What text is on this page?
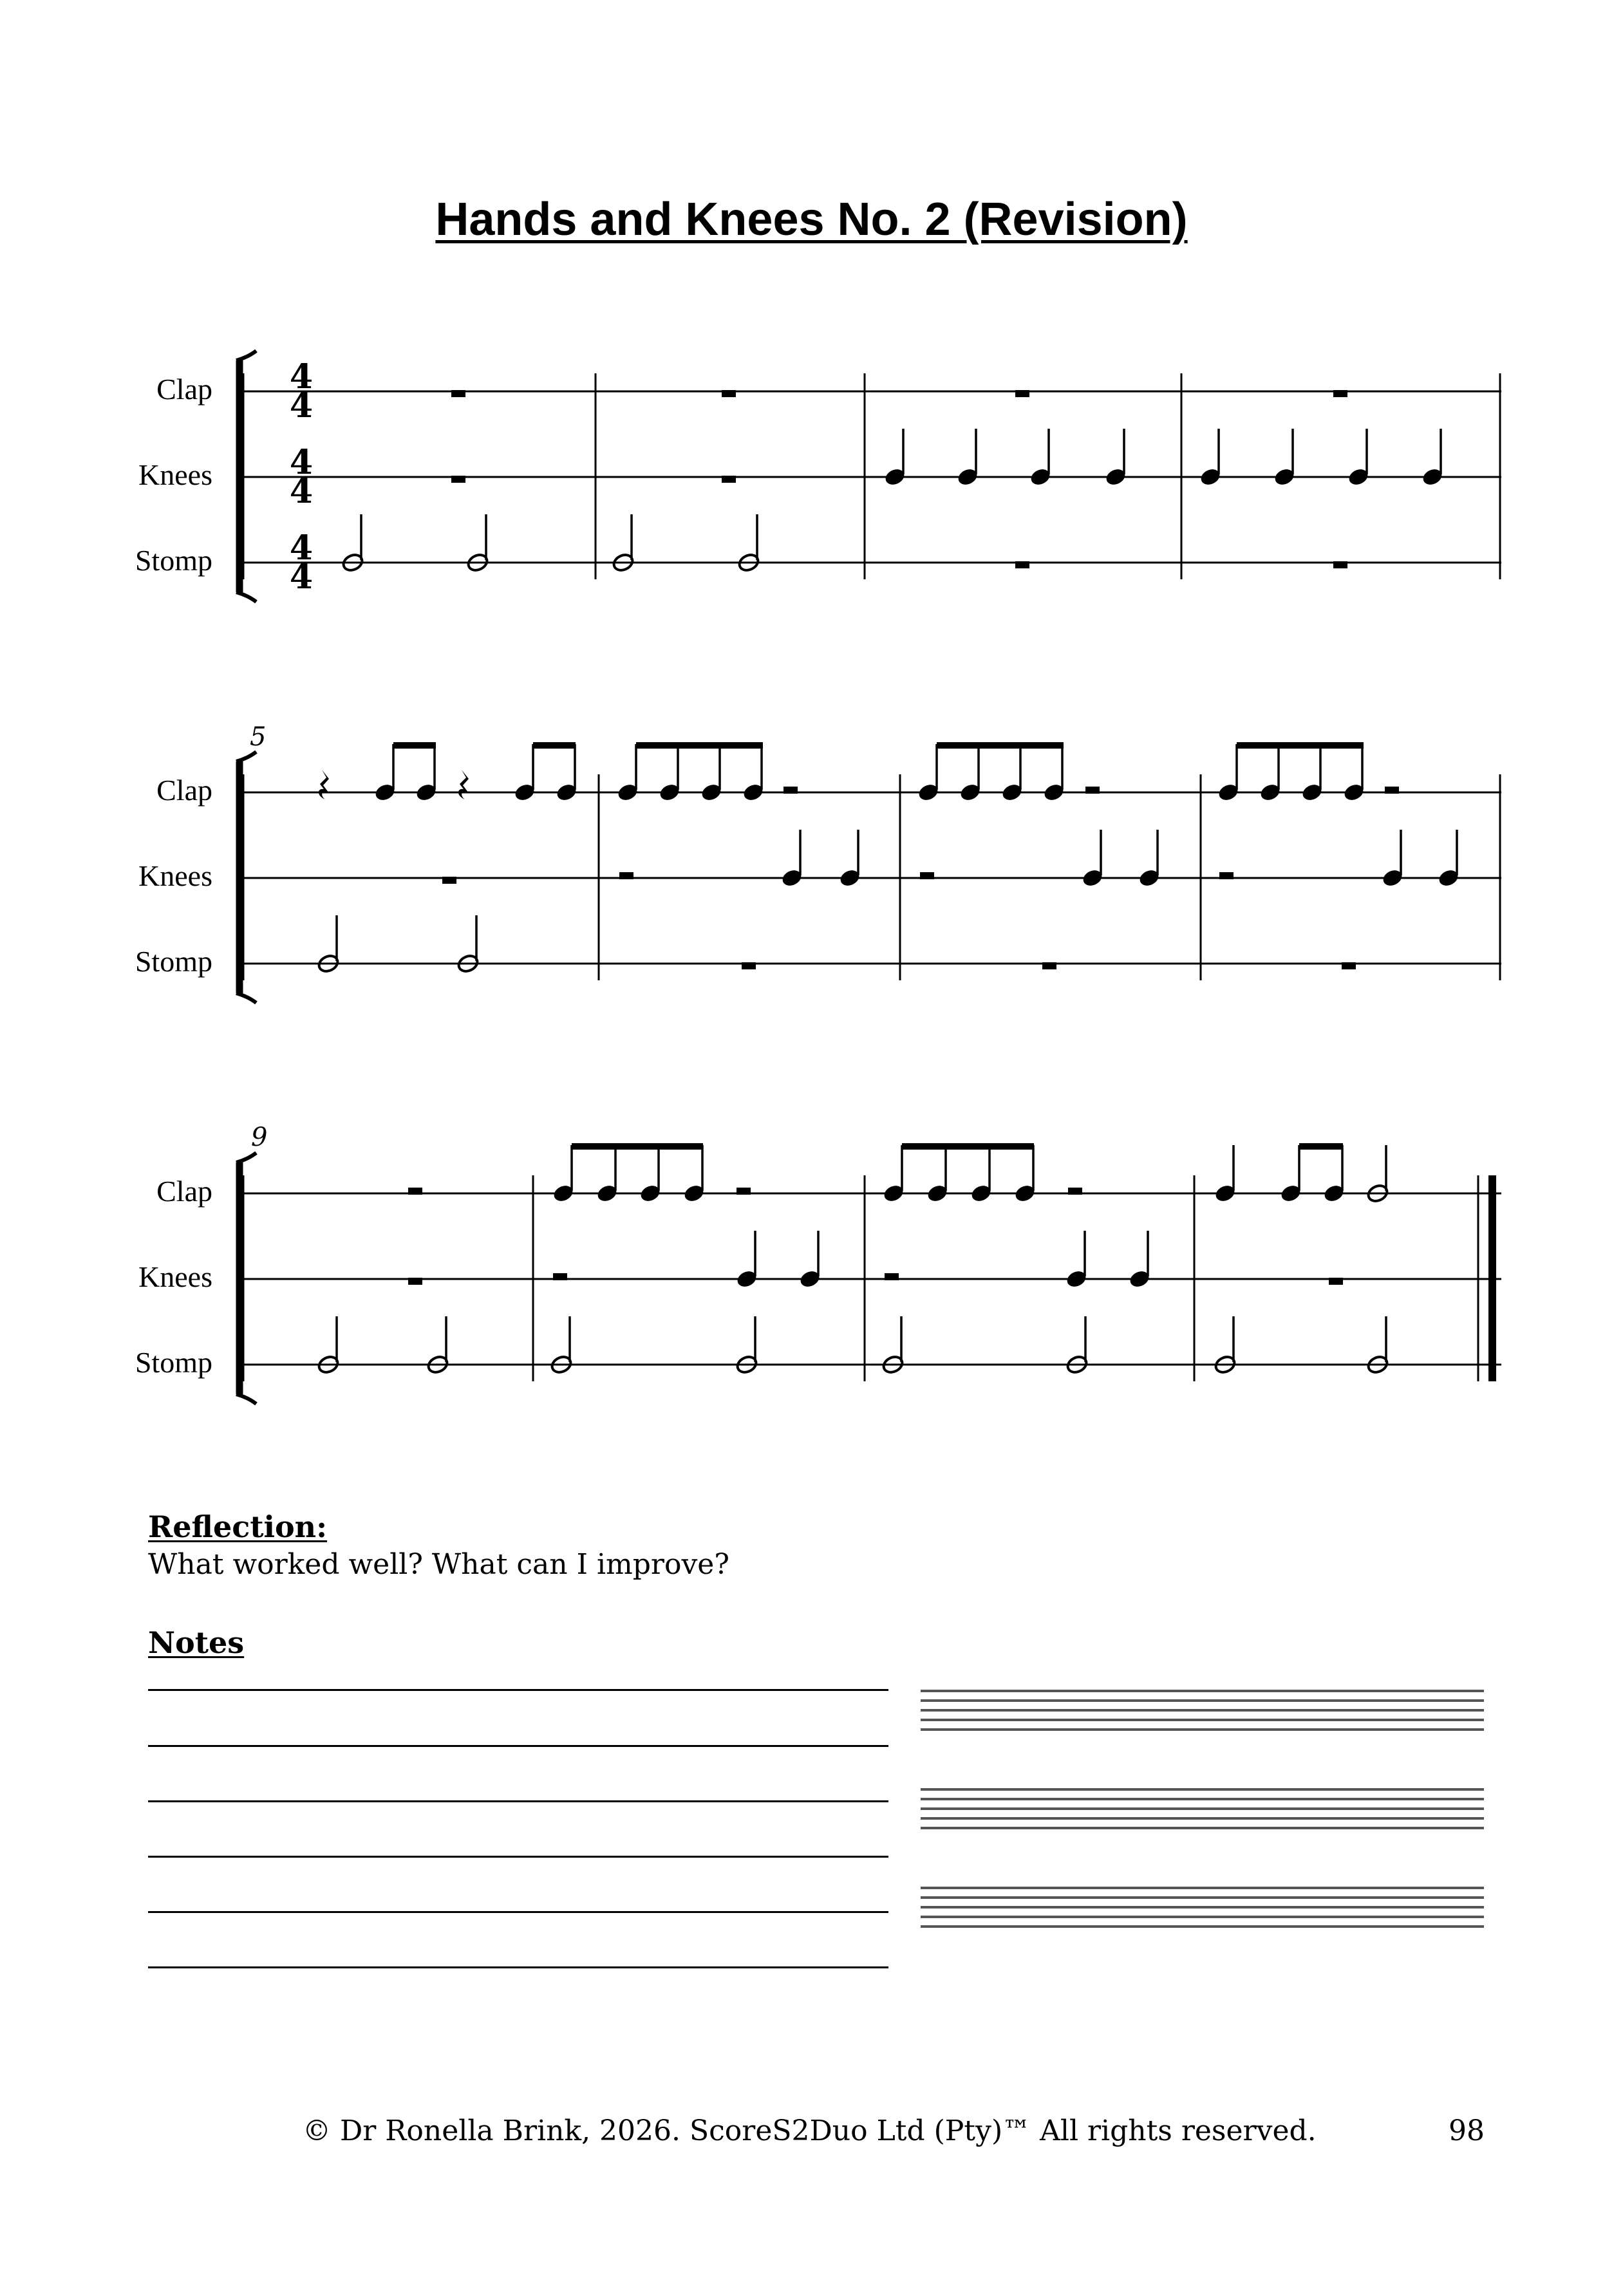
Hands and Knees No. 2 (Revision)
Clap
Knees
Stomp
4
4
4
4
4
4
5
Clap
Knees
Stomp
9
Clap
Knees
Stomp
Reflection:
What worked well? What can I improve?
Notes
© Dr Ronella Brink, 2026. ScoreS2Duo Ltd (Pty)™ All rights reserved.	98
